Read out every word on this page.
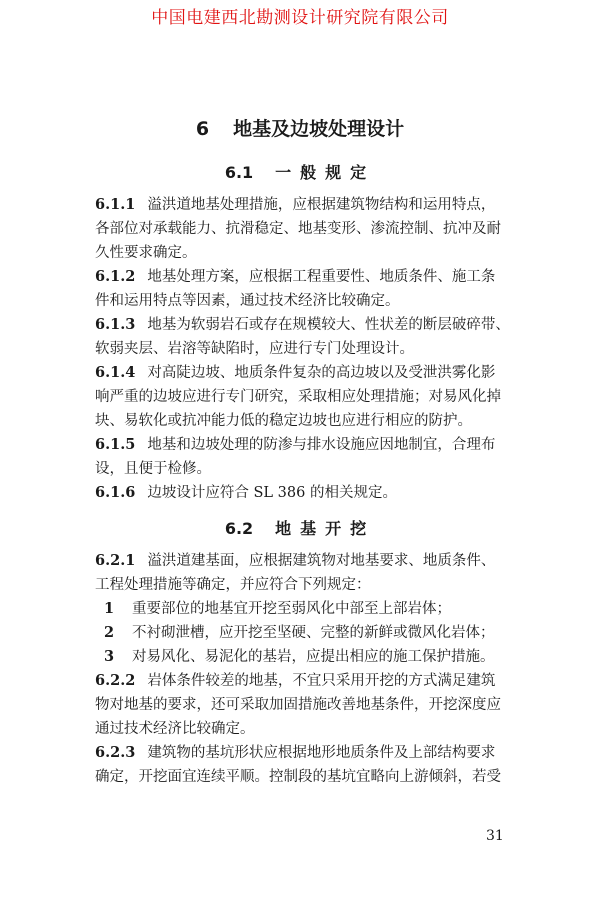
中国电建西北勘测设计研究院有限公司
6 地基及边坡处理设计
6.1 一般规定
6.1.1 溢洪道地基处理措施，应根据建筑物结构和运用特点，
各部位对承载能力、抗滑稳定、地基变形、渗流控制、抗冲及耐
久性要求确定。
6.1.2 地基处理方案，应根据工程重要性、地质条件、施工条
件和运用特点等因素，通过技术经济比较确定。
6.1.3 地基为软弱岩石或存在规模较大、性状差的断层破碎带、
软弱夹层、岩溶等缺陷时，应进行专门处理设计。
6.1.4 对高陡边坡、地质条件复杂的高边坡以及受泄洪雾化影
响严重的边坡应进行专门研究，采取相应处理措施；对易风化掉
块、易软化或抗冲能力低的稳定边坡也应进行相应的防护。
6.1.5 地基和边坡处理的防渗与排水设施应因地制宜，合理布
设，且便于检修。
6.1.6 边坡设计应符合 SL 386 的相关规定。
6.2 地基开挖
6.2.1 溢洪道建基面，应根据建筑物对地基要求、地质条件、
工程处理措施等确定，并应符合下列规定：
1 重要部位的地基宜开挖至弱风化中部至上部岩体；
2 不衬砌泄槽，应开挖至坚硬、完整的新鲜或微风化岩体；
3 对易风化、易泥化的基岩，应提出相应的施工保护措施。
6.2.2 岩体条件较差的地基，不宜只采用开挖的方式满足建筑
物对地基的要求，还可采取加固措施改善地基条件，开挖深度应
通过技术经济比较确定。
6.2.3 建筑物的基坑形状应根据地形地质条件及上部结构要求
确定，开挖面宜连续平顺。控制段的基坑宜略向上游倾斜，若受
31
